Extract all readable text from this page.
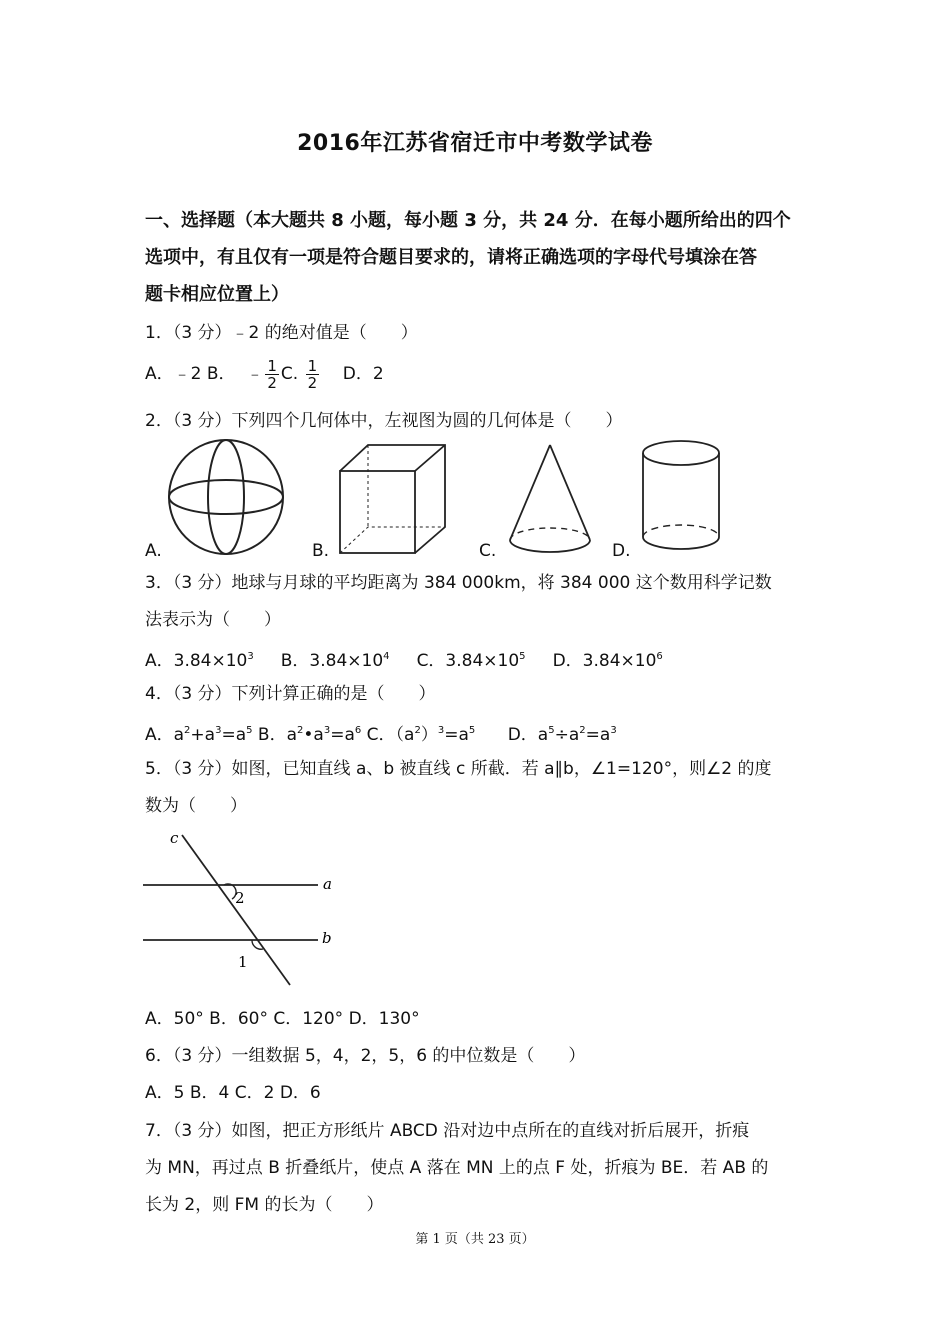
2016年江苏省宿迁市中考数学试卷
一、选择题（本大题共 8 小题，每小题 3 分，共 24 分．在每小题所给出的四个
选项中，有且仅有一项是符合题目要求的，请将正确选项的字母代号填涂在答
题卡相应位置上）
1．（3 分）﹣2 的绝对值是（　　）
A．﹣2 B． ﹣ $\frac{1}{2} C$. $\frac{1}{2}$ D．2
2．（3 分）下列四个几何体中，左视图为圆的几何体是（　　）
A.	B.	C.	D.
3．（3 分）地球与月球的平均距离为 384 000km，将 384 000 这个数用科学记数
法表示为（　　）
A．$3.84\times 10^3$ B．$3.84\times 10^4$ C．$3.84\times 10^5$ D．$3.84\times 10^6$
4．（3 分）下列计算正确的是（　　）
A．$a^2+a^3=a^5$ B．$a^2•a^3=a^6$ C．$(a^2)^3=a^5$ D．$a^5\div a^2=a^3$
5．（3 分）如图，已知直线 a、b 被直线 c 所截．若 a∥b，∠1=120°，则∠2 的度
数为（　　）
c
a
b
2
1
A．50° B．60° C．120° D．130°
6．（3 分）一组数据 5，4，2，5，6 的中位数是（　　）
A．5 B．4 C．2 D．6
7．（3 分）如图，把正方形纸片 ABCD 沿对边中点所在的直线对折后展开，折痕
为 MN，再过点 B 折叠纸片，使点 A 落在 MN 上的点 F 处，折痕为 BE．若 AB 的
长为 2，则 FM 的长为（　　）
第 1 页（共 23 页）
